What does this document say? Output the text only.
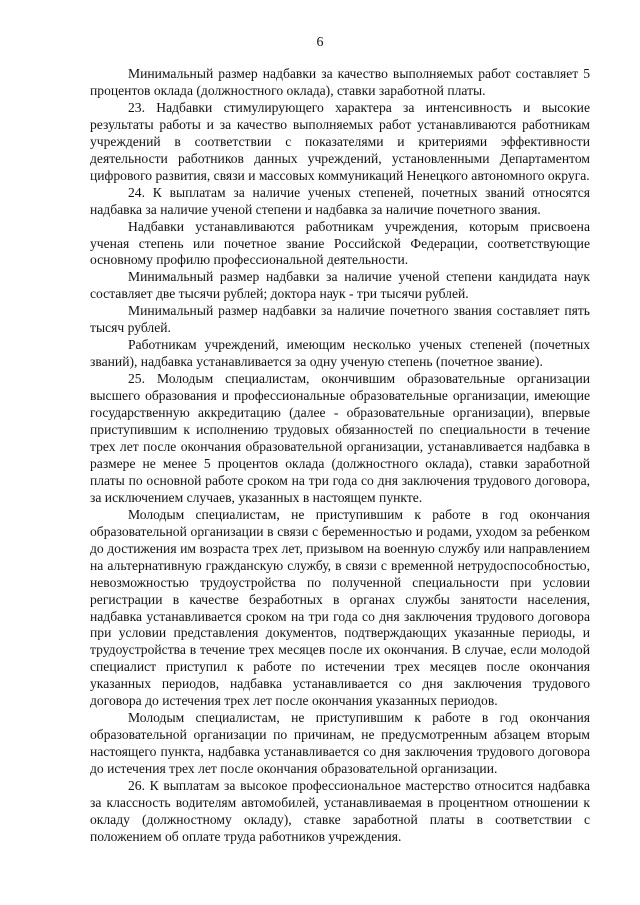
6

Минимальный размер надбавки за качество выполняемых работ составляет 5 процентов оклада (должностного оклада), ставки заработной платы.

23. Надбавки стимулирующего характера за интенсивность и высокие результаты работы и за качество выполняемых работ устанавливаются работникам учреждений в соответствии с показателями и критериями эффективности деятельности работников данных учреждений, установленными Департаментом цифрового развития, связи и массовых коммуникаций Ненецкого автономного округа.

24. К выплатам за наличие ученых степеней, почетных званий относятся надбавка за наличие ученой степени и надбавка за наличие почетного звания.

Надбавки устанавливаются работникам учреждения, которым присвоена ученая степень или почетное звание Российской Федерации, соответствующие основному профилю профессиональной деятельности.

Минимальный размер надбавки за наличие ученой степени кандидата наук составляет две тысячи рублей; доктора наук - три тысячи рублей.

Минимальный размер надбавки за наличие почетного звания составляет пять тысяч рублей.

Работникам учреждений, имеющим несколько ученых степеней (почетных званий), надбавка устанавливается за одну ученую степень (почетное звание).

25. Молодым специалистам, окончившим образовательные организации высшего образования и профессиональные образовательные организации, имеющие государственную аккредитацию (далее - образовательные организации), впервые приступившим к исполнению трудовых обязанностей по специальности в течение трех лет после окончания образовательной организации, устанавливается надбавка в размере не менее 5 процентов оклада (должностного оклада), ставки заработной платы по основной работе сроком на три года со дня заключения трудового договора, за исключением случаев, указанных в настоящем пункте.

Молодым специалистам, не приступившим к работе в год окончания образовательной организации в связи с беременностью и родами, уходом за ребенком до достижения им возраста трех лет, призывом на военную службу или направлением на альтернативную гражданскую службу, в связи с временной нетрудоспособностью, невозможностью трудоустройства по полученной специальности при условии регистрации в качестве безработных в органах службы занятости населения, надбавка устанавливается сроком на три года со дня заключения трудового договора при условии представления документов, подтверждающих указанные периоды, и трудоустройства в течение трех месяцев после их окончания. В случае, если молодой специалист приступил к работе по истечении трех месяцев после окончания указанных периодов, надбавка устанавливается со дня заключения трудового договора до истечения трех лет после окончания указанных периодов.

Молодым специалистам, не приступившим к работе в год окончания образовательной организации по причинам, не предусмотренным абзацем вторым настоящего пункта, надбавка устанавливается со дня заключения трудового договора до истечения трех лет после окончания образовательной организации.

26. К выплатам за высокое профессиональное мастерство относится надбавка за классность водителям автомобилей, устанавливаемая в процентном отношении к окладу (должностному окладу), ставке заработной платы в соответствии с положением об оплате труда работников учреждения.
